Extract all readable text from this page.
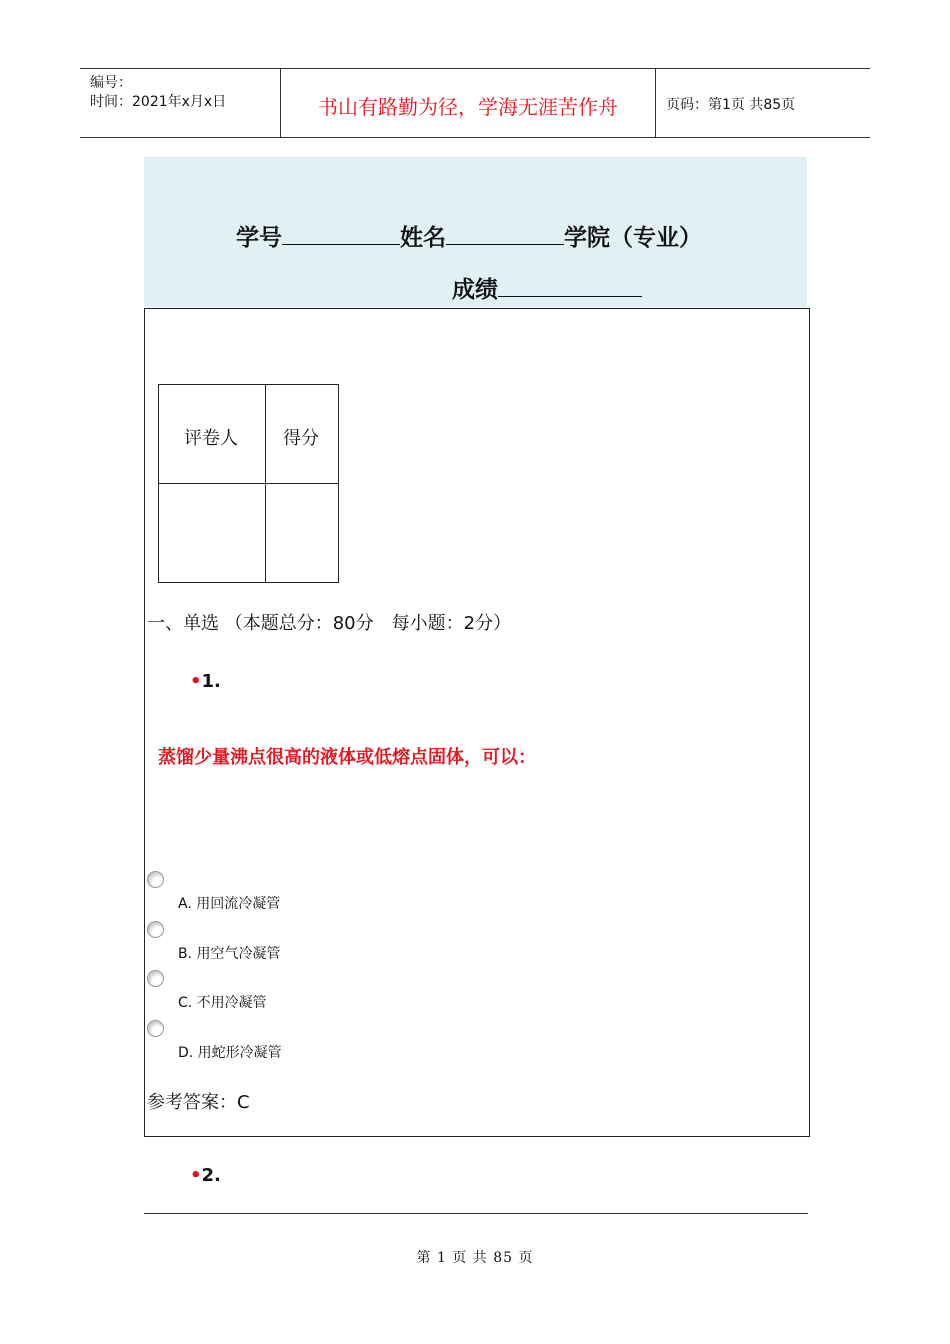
编号：
时间：2021年x月x日	书山有路勤为径，学海无涯苦作舟	页码：第1页 共85页
学号	姓名	学院（专业）
成绩
评卷人	得分
一、单选 （本题总分：80分　每小题：2分）
•1.
蒸馏少量沸点很高的液体或低熔点固体，可以：
A. 用回流冷凝管
B. 用空气冷凝管
C. 不用冷凝管
D. 用蛇形冷凝管
参考答案：C
•2.
第 1 页 共 85 页
